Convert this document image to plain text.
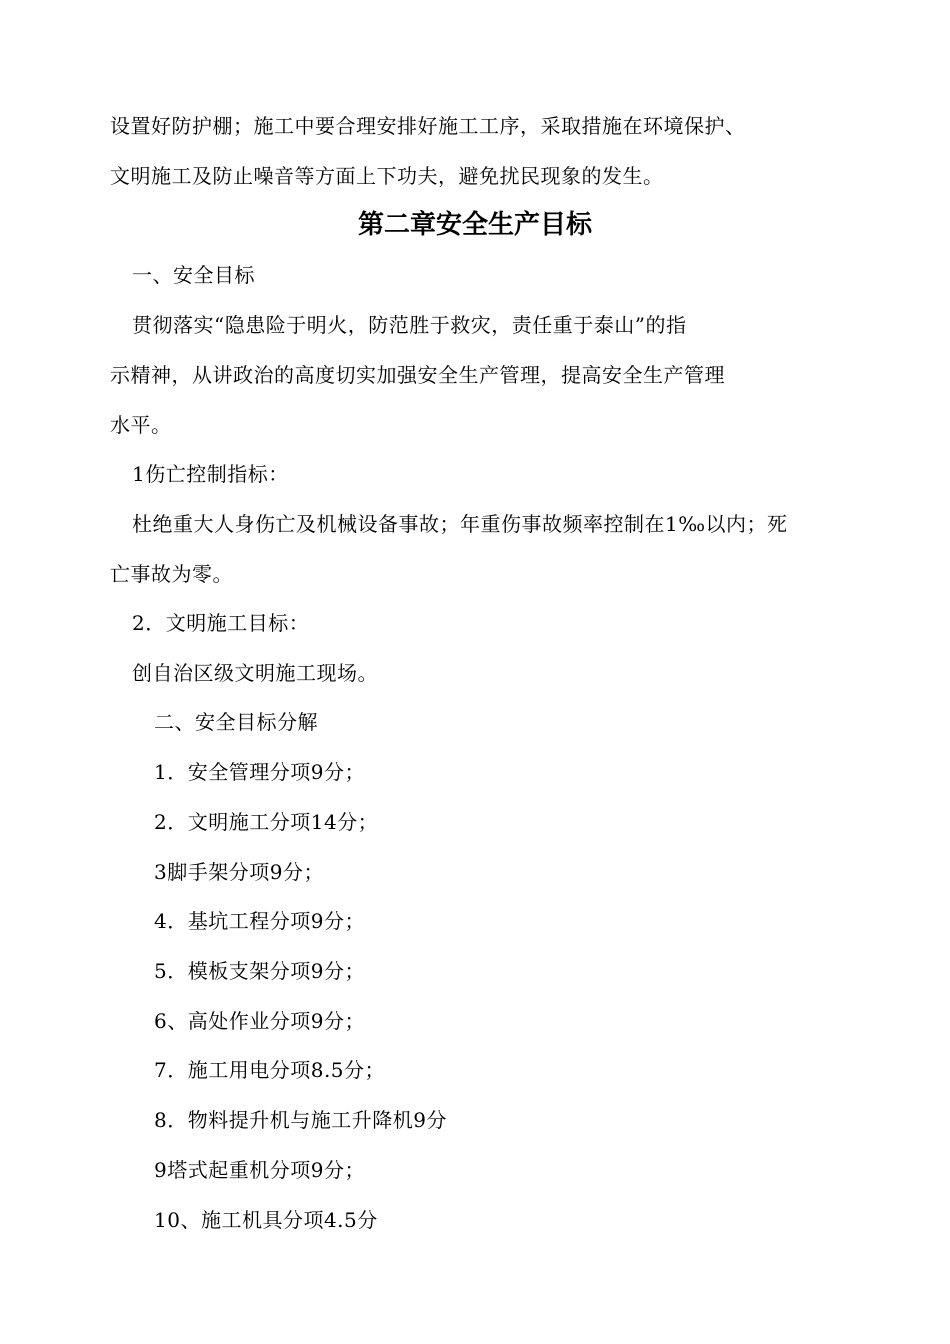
设置好防护棚；施工中要合理安排好施工工序，采取措施在环境保护、
文明施工及防止噪音等方面上下功夫，避免扰民现象的发生。
第二章安全生产目标
一、安全目标
贯彻落实“隐患险于明火，防范胜于救灾，责任重于泰山”的指
示精神，从讲政治的高度切实加强安全生产管理，提高安全生产管理
水平。
1伤亡控制指标：
杜绝重大人身伤亡及机械设备事故；年重伤事故频率控制在1‰以内；死
亡事故为零。
2．文明施工目标：
创自治区级文明施工现场。
二、安全目标分解
1．安全管理分项9分；
2．文明施工分项14分；
3脚手架分项9分；
4．基坑工程分项9分；
5．模板支架分项9分；
6、高处作业分项9分；
7．施工用电分项8.5分；
8．物料提升机与施工升降机9分
9塔式起重机分项9分；
10、施工机具分项4.5分
